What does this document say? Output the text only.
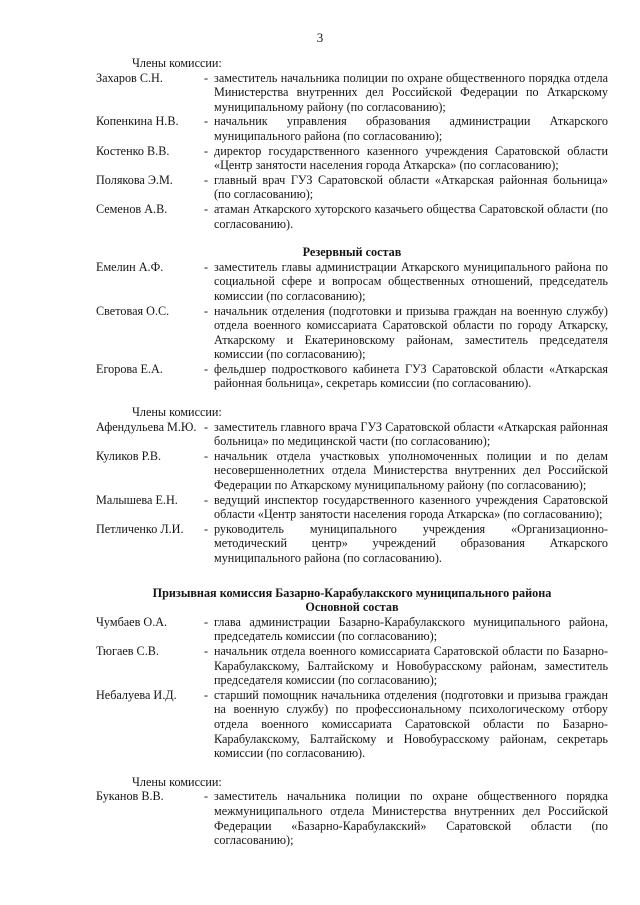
3
Члены комиссии:
Захаров С.Н.	- заместитель начальника полиции по охране общественного порядка отдела Министерства внутренних дел Российской Федерации по Аткарскому муниципальному району (по согласованию);
Копенкина Н.В.	- начальник управления образования администрации Аткарского муниципального района (по согласованию);
Костенко В.В.	- директор государственного казенного учреждения Саратовской области «Центр занятости населения города Аткарска» (по согласованию);
Полякова Э.М.	- главный врач ГУЗ Саратовской области «Аткарская районная больница» (по согласованию);
Семенов А.В.	- атаман Аткарского хуторского казачьего общества Саратовской области (по согласованию).
Резервный состав
Емелин А.Ф.	- заместитель главы администрации Аткарского муниципального района по социальной сфере и вопросам общественных отношений, председатель комиссии (по согласованию);
Световая О.С.	- начальник отделения (подготовки и призыва граждан на военную службу) отдела военного комиссариата Саратовской области по городу Аткарску, Аткарскому и Екатериновскому районам, заместитель председателя комиссии (по согласованию);
Егорова Е.А.	- фельдшер подросткового кабинета ГУЗ Саратовской области «Аткарская районная больница», секретарь комиссии (по согласованию).
Члены комиссии:
Афендульева М.Ю. - заместитель главного врача ГУЗ Саратовской области «Аткарская районная больница» по медицинской части (по согласованию);
Куликов Р.В.	- начальник отдела участковых уполномоченных полиции и по делам несовершеннолетних отдела Министерства внутренних дел Российской Федерации по Аткарскому муниципальному району (по согласованию);
Малышева Е.Н.	- ведущий инспектор государственного казенного учреждения Саратовской области «Центр занятости населения города Аткарска» (по согласованию);
Петличенко Л.И.	- руководитель муниципального учреждения «Организационно-методический центр» учреждений образования Аткарского муниципального района (по согласованию).
Призывная комиссия Базарно-Карабулакского муниципального района
Основной состав
Чумбаев О.А.	- глава администрации Базарно-Карабулакского муниципального района, председатель комиссии (по согласованию);
Тюгаев С.В.	- начальник отдела военного комиссариата Саратовской области по Базарно-Карабулакскому, Балтайскому и Новобурасскому районам, заместитель председателя комиссии (по согласованию);
Небалуева И.Д.	- старший помощник начальника отделения (подготовки и призыва граждан на военную службу) по профессиональному психологическому отбору отдела военного комиссариата Саратовской области по Базарно-Карабулакскому, Балтайскому и Новобурасскому районам, секретарь комиссии (по согласованию).
Члены комиссии:
Буканов В.В.	- заместитель начальника полиции по охране общественного порядка межмуниципального отдела Министерства внутренних дел Российской Федерации «Базарно-Карабулакский» Саратовской области (по согласованию);
